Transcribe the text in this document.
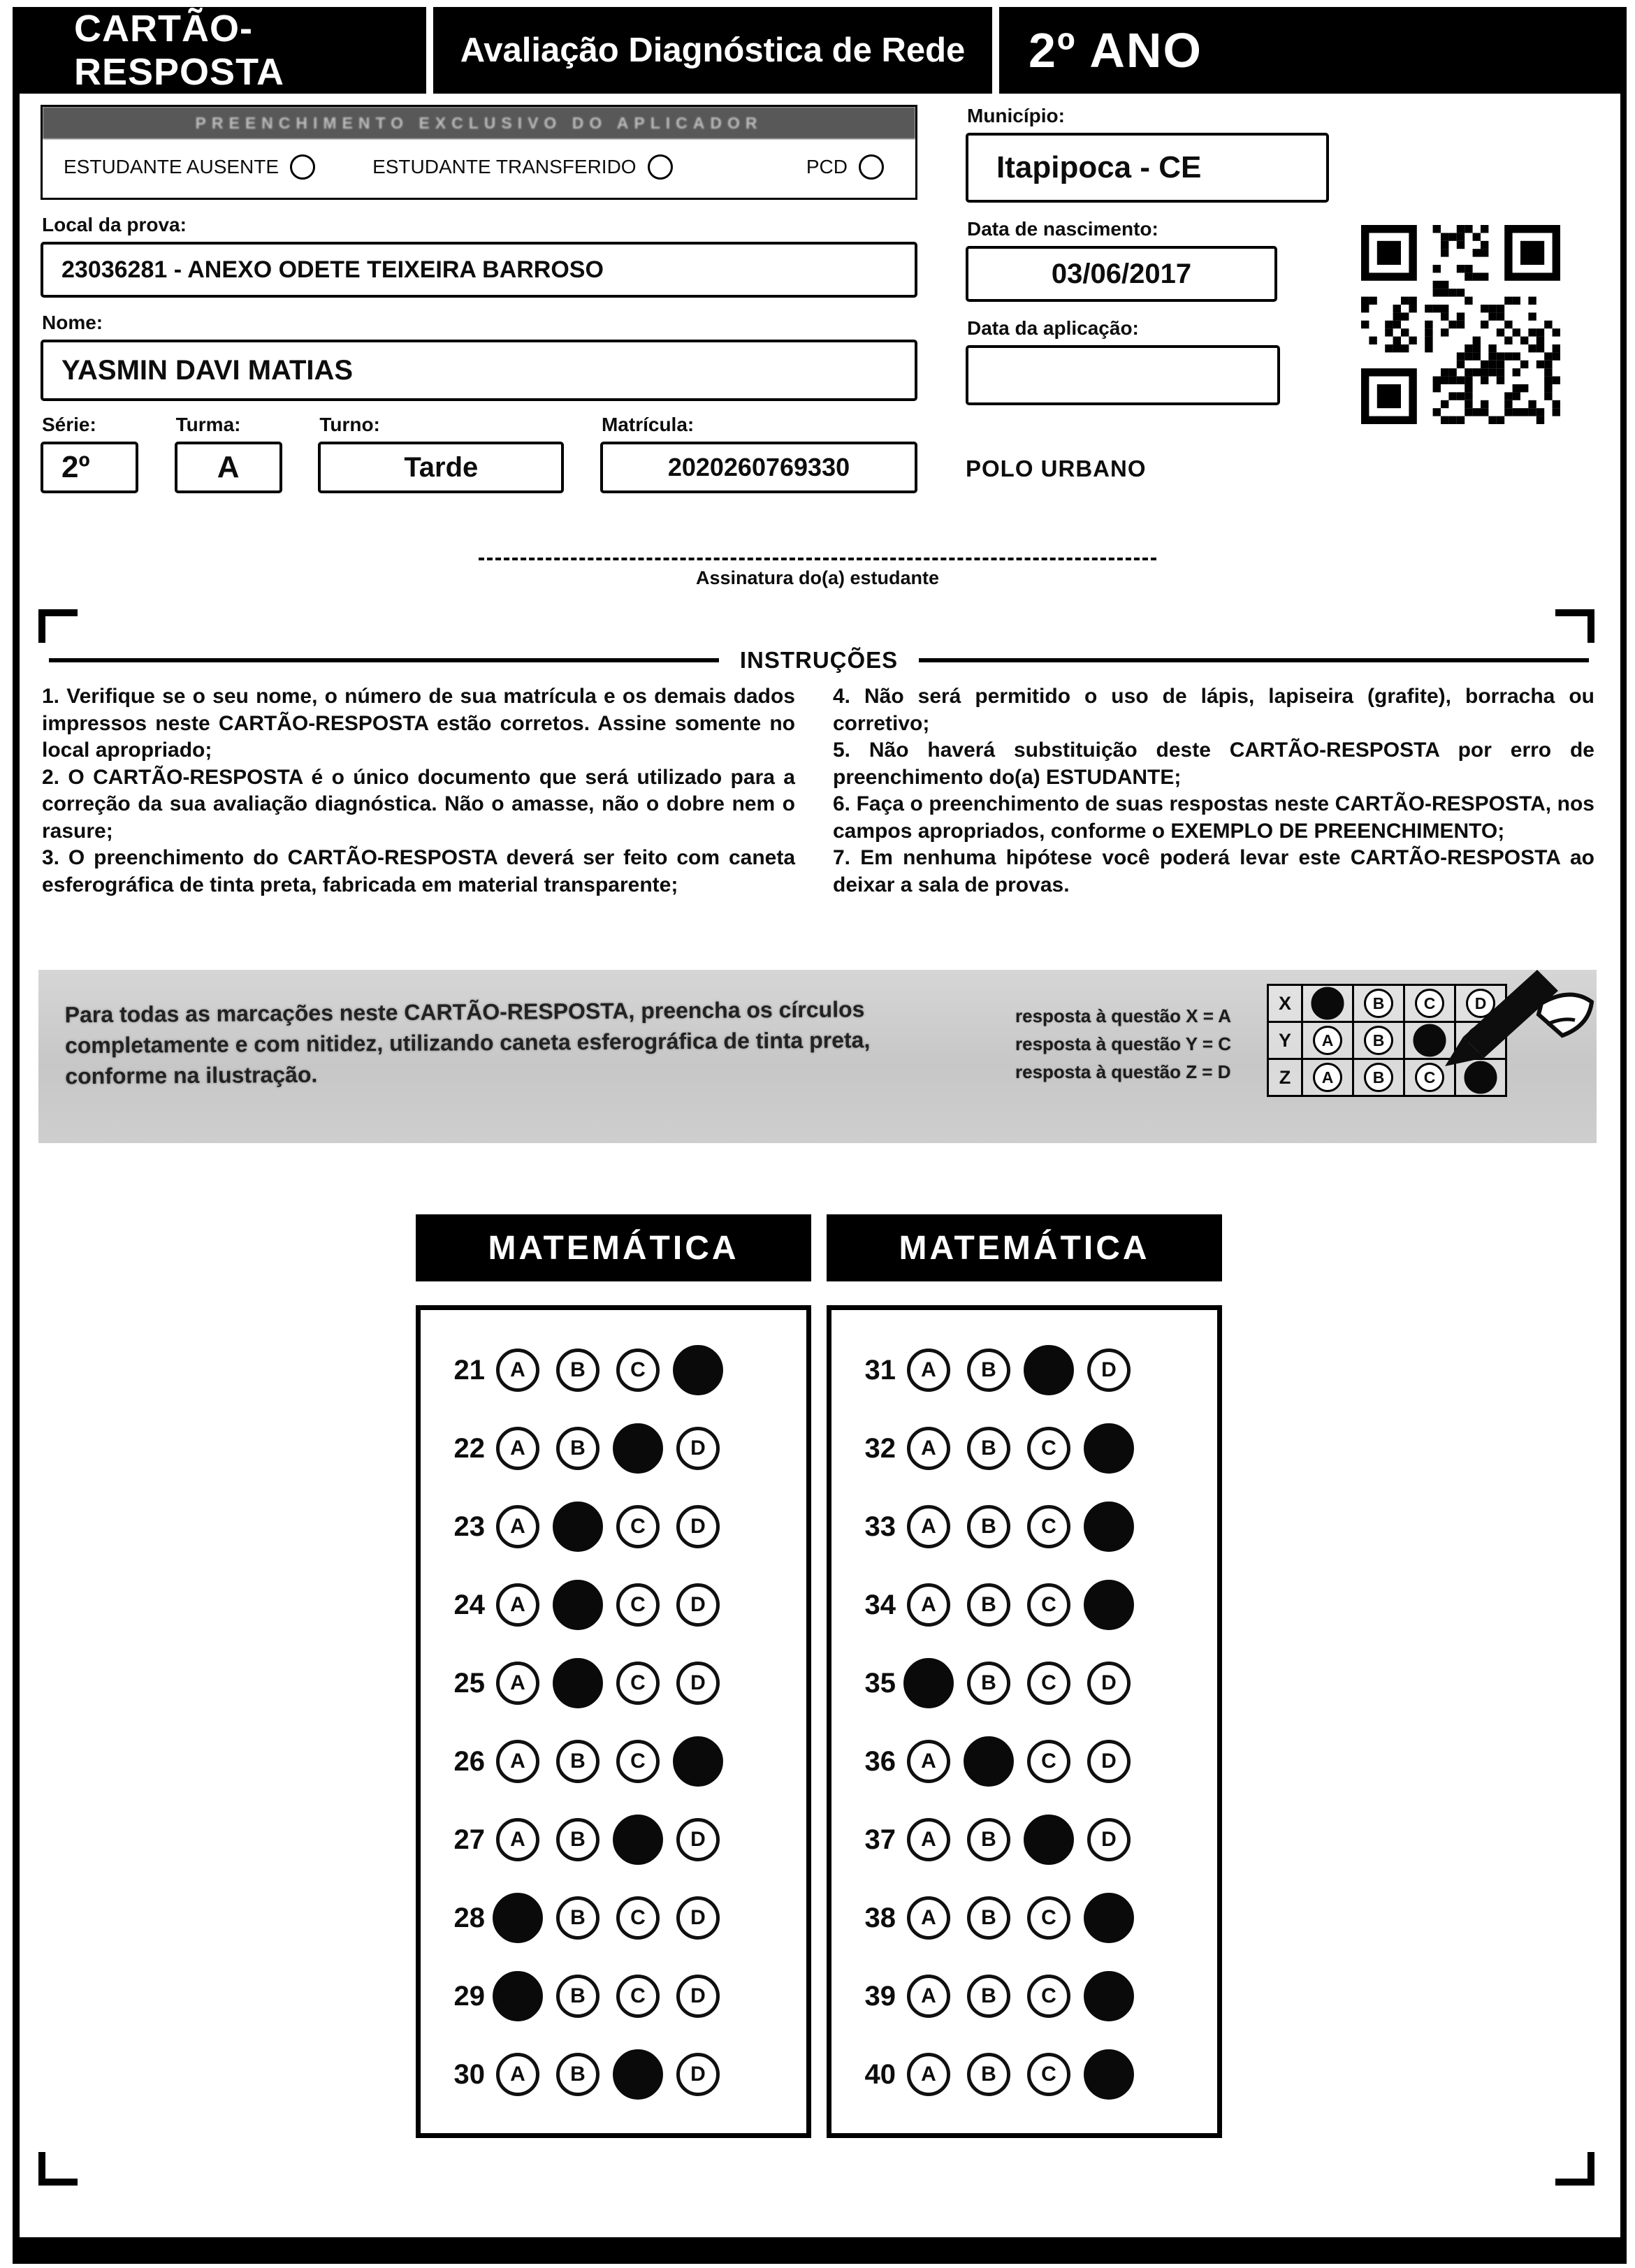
CARTÃO-RESPOSTA
Avaliação Diagnóstica de Rede	2º ANO
PREENCHIMENTO EXCLUSIVO DO APLICADOR
ESTUDANTE AUSENTE	ESTUDANTE TRANSFERIDO	PCD
Local da prova:
23036281 - ANEXO ODETE TEIXEIRA BARROSO
Nome:
YASMIN DAVI MATIAS
Série:
2º
Turma:
A
Turno:
Tarde
Matrícula:
2020260769330
Município:
Itapipoca - CE
Data de nascimento:
03/06/2017
Data da aplicação:
POLO URBANO
Assinatura do(a) estudante
INSTRUÇÕES

1. Verifique se o seu nome, o número de sua matrícula e os demais dados impressos neste CARTÃO-RESPOSTA estão corretos. Assine somente no local apropriado;

2. O CARTÃO-RESPOSTA é o único documento que será utilizado para a correção da sua avaliação diagnóstica. Não o amasse, não o dobre nem o rasure;

3. O preenchimento do CARTÃO-RESPOSTA deverá ser feito com caneta esferográfica de tinta preta, fabricada em material transparente;

4. Não será permitido o uso de lápis, lapiseira (grafite), borracha ou corretivo;

5. Não haverá substituição deste CARTÃO-RESPOSTA por erro de preenchimento do(a) ESTUDANTE;

6. Faça o preenchimento de suas respostas neste CARTÃO-RESPOSTA, nos campos apropriados, conforme o EXEMPLO DE PREENCHIMENTO;

7. Em nenhuma hipótese você poderá levar este CARTÃO-RESPOSTA ao deixar a sala de provas.

Para todas as marcações neste CARTÃO-RESPOSTA, preencha os círculos completamente e com nitidez, utilizando caneta esferográfica de tinta preta, conforme na ilustração.
resposta à questão X = A
resposta à questão Y = C
resposta à questão Z = D
X	B	C	D
Y	A	B
Z	A	B	C
MATEMÁTICA	MATEMÁTICA
21	A	B	C
22	A	B	D
23	A	C	D
24	A	C	D
25	A	C	D
26	A	B	C
27	A	B	D
28	B	C	D
29	B	C	D
30	A	B	D
31	A	B	D
32	A	B	C
33	A	B	C
34	A	B	C
35	B	C	D
36	A	C	D
37	A	B	D
38	A	B	C
39	A	B	C
40	A	B	C
